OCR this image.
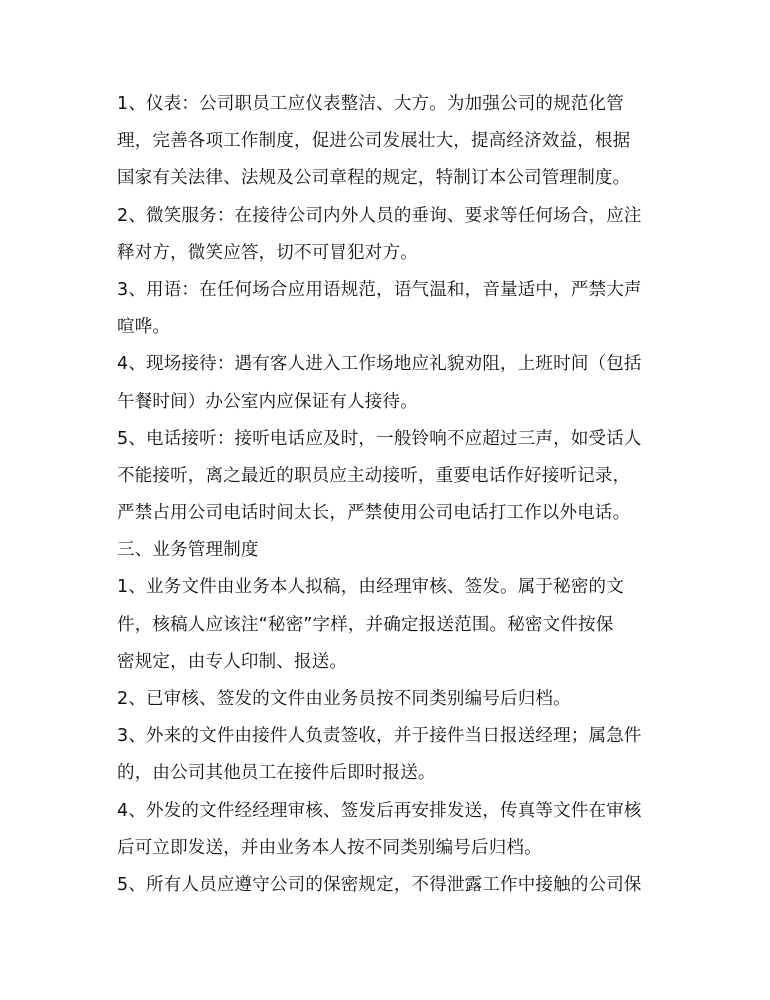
1、仪表：公司职员工应仪表整洁、大方。为加强公司的规范化管
理，完善各项工作制度，促进公司发展壮大，提高经济效益，根据
国家有关法律、法规及公司章程的规定，特制订本公司管理制度。
2、微笑服务：在接待公司内外人员的垂询、要求等任何场合，应注
释对方，微笑应答，切不可冒犯对方。
3、用语：在任何场合应用语规范，语气温和，音量适中，严禁大声
喧哗。
4、现场接待：遇有客人进入工作场地应礼貌劝阻，上班时间（包括
午餐时间）办公室内应保证有人接待。
5、电话接听：接听电话应及时，一般铃响不应超过三声，如受话人
不能接听，离之最近的职员应主动接听，重要电话作好接听记录，
严禁占用公司电话时间太长，严禁使用公司电话打工作以外电话。
三、业务管理制度
1、业务文件由业务本人拟稿，由经理审核、签发。属于秘密的文
件，核稿人应该注“秘密”字样，并确定报送范围。秘密文件按保
密规定，由专人印制、报送。
2、已审核、签发的文件由业务员按不同类别编号后归档。
3、外来的文件由接件人负责签收，并于接件当日报送经理；属急件
的，由公司其他员工在接件后即时报送。
4、外发的文件经经理审核、签发后再安排发送，传真等文件在审核
后可立即发送，并由业务本人按不同类别编号后归档。
5、所有人员应遵守公司的保密规定，不得泄露工作中接触的公司保
